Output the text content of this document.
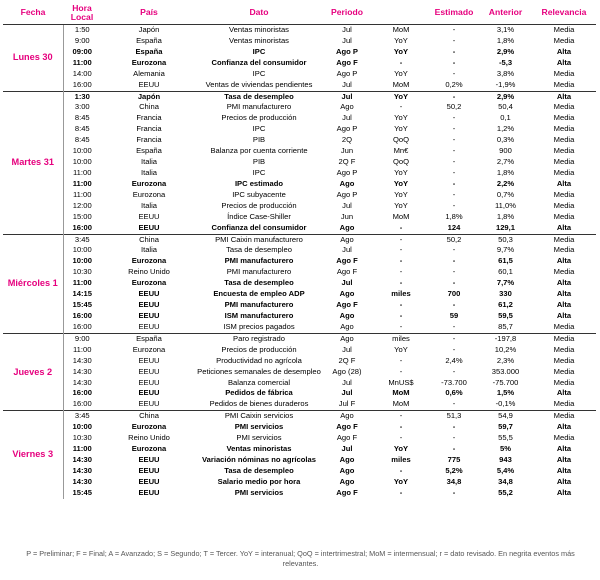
Fecha	Hora Local	País	Dato	Periodo		Estimado	Anterior	Relevancia
Lunes 30	1:50	Japón	Ventas minoristas	Jul	MoM	-	3,1%	Media
	9:00	España	Ventas minoristas	Jul	YoY	-	1,8%	Media
	09:00	España	IPC	Ago P	YoY	-	2,9%	Alta
	11:00	Eurozona	Confianza del consumidor	Ago F	-	-	-5,3	Alta
	14:00	Alemania	IPC	Ago P	YoY	-	3,8%	Media
	16:00	EEUU	Ventas de viviendas pendientes	Jul	MoM	0,2%	-1,9%	Media
Martes 31	1:30	Japón	Tasa de desempleo	Jul	YoY	-	2,9%	Alta
	3:00	China	PMI manufacturero	Ago	-	50,2	50,4	Media
	8:45	Francia	Precios de producción	Jul	YoY	-	0,1	Media
	8:45	Francia	IPC	Ago P	YoY	-	1,2%	Media
	8:45	Francia	PIB	2Q	QoQ	-	0,3%	Media
	10:00	España	Balanza por cuenta corriente	Jun	Mn€	-	900	Media
	10:00	Italia	PIB	2Q F	QoQ	-	2,7%	Media
	11:00	Italia	IPC	Ago P	YoY	-	1,8%	Media
	11:00	Eurozona	IPC estimado	Ago	YoY	-	2,2%	Alta
	11:00	Eurozona	IPC subyacente	Ago P	YoY	-	0,7%	Media
	12:00	Italia	Precios de producción	Jul	YoY	-	11,0%	Media
	15:00	EEUU	Índice Case-Shiller	Jun	MoM	1,8%	1,8%	Media
	16:00	EEUU	Confianza del consumidor	Ago	-	124	129,1	Alta
Miércoles 1	3:45	China	PMI Caixin manufacturero	Ago	-	50,2	50,3	Media
	10:00	Italia	Tasa de desempleo	Jul	-	-	9,7%	Media
	10:00	Eurozona	PMI manufacturero	Ago F	-	-	61,5	Alta
	10:30	Reino Unido	PMI manufacturero	Ago F	-	-	60,1	Media
	11:00	Eurozona	Tasa de desempleo	Jul	-	-	7,7%	Alta
	14:15	EEUU	Encuesta de empleo ADP	Ago	miles	700	330	Alta
	15:45	EEUU	PMI manufacturero	Ago F	-	-	61,2	Alta
	16:00	EEUU	ISM manufacturero	Ago	-	59	59,5	Alta
	16:00	EEUU	ISM precios pagados	Ago	-	-	85,7	Media
Jueves 2	9:00	España	Paro registrado	Ago	miles	-	-197,8	Media
	11:00	Eurozona	Precios de producción	Jul	YoY	-	10,2%	Media
	14:30	EEUU	Productividad no agrícola	2Q F	-	2,4%	2,3%	Media
	14:30	EEUU	Peticiones semanales de desempleo	Ago (28)	-	-	353.000	Media
	14:30	EEUU	Balanza comercial	Jul	MnUS$	-73.700	-75.700	Media
	16:00	EEUU	Pedidos de fábrica	Jul	MoM	0,6%	1,5%	Alta
	16:00	EEUU	Pedidos de bienes duraderos	Jul F	MoM	-	-0,1%	Media
Viernes 3	3:45	China	PMI Caixin servicios	Ago	-	51,3	54,9	Media
	10:00	Eurozona	PMI servicios	Ago F	-	-	59,7	Alta
	10:30	Reino Unido	PMI servicios	Ago F	-	-	55,5	Media
	11:00	Eurozona	Ventas minoristas	Jul	YoY	-	5%	Alta
	14:30	EEUU	Variación nóminas no agrícolas	Ago	miles	775	943	Alta
	14:30	EEUU	Tasa de desempleo	Ago	-	5,2%	5,4%	Alta
	14:30	EEUU	Salario medio por hora	Ago	YoY	34,8	34,8	Alta
	15:45	EEUU	PMI servicios	Ago F	-	-	55,2	Alta
P = Preliminar; F = Final; A = Avanzado; S = Segundo; T = Tercer. YoY = interanual; QoQ = intertrimestral; MoM = intermensual; r = dato revisado. En negrita eventos más relevantes.
